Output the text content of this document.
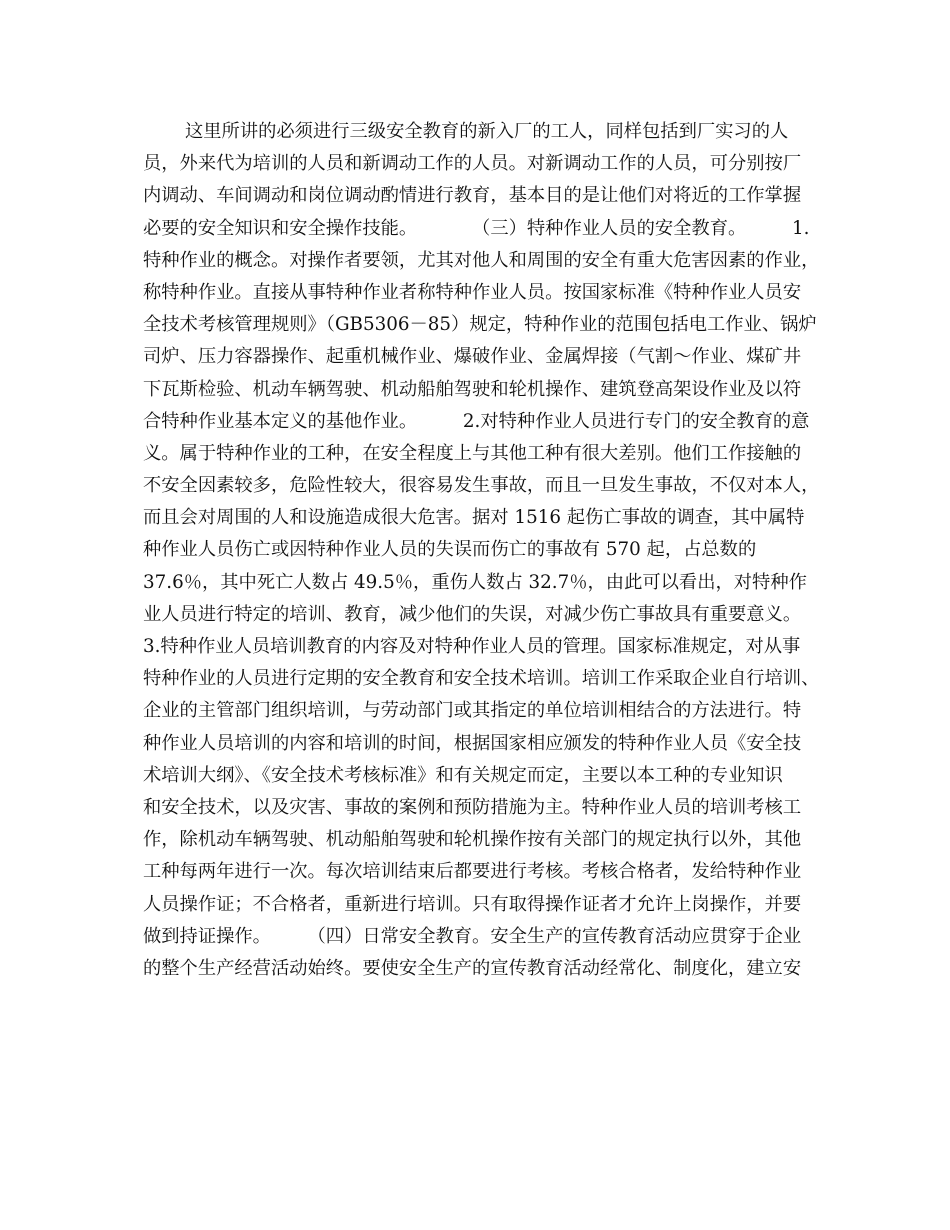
这里所讲的必须进行三级安全教育的新入厂的工人，同样包括到厂实习的人
员，外来代为培训的人员和新调动工作的人员。对新调动工作的人员，可分别按厂
内调动、车间调动和岗位调动酌情进行教育，基本目的是让他们对将近的工作掌握
必要的安全知识和安全操作技能。　　　　（三）特种作业人员的安全教育。　　　1.
特种作业的概念。对操作者要领，尤其对他人和周围的安全有重大危害因素的作业，
称特种作业。直接从事特种作业者称特种作业人员。按国家标准《特种作业人员安
全技术考核管理规则》（GB5306－85）规定，特种作业的范围包括电工作业、锅炉
司炉、压力容器操作、起重机械作业、爆破作业、金属焊接（气割～作业、煤矿井
下瓦斯检验、机动车辆驾驶、机动船舶驾驶和轮机操作、建筑登高架设作业及以符
合特种作业基本定义的基他作业。　　　2.对特种作业人员进行专门的安全教育的意
义。属于特种作业的工种，在安全程度上与其他工种有很大差别。他们工作接触的
不安全因素较多，危险性较大，很容易发生事故，而且一旦发生事故，不仅对本人，
而且会对周围的人和设施造成很大危害。据对 1516 起伤亡事故的调查，其中属特
种作业人员伤亡或因特种作业人员的失误而伤亡的事故有 570 起，占总数的
37.6％，其中死亡人数占 49.5％，重伤人数占 32.7％，由此可以看出，对特种作
业人员进行特定的培训、教育，减少他们的失误，对减少伤亡事故具有重要意义。
3.特种作业人员培训教育的内容及对特种作业人员的管理。国家标准规定，对从事
特种作业的人员进行定期的安全教育和安全技术培训。培训工作采取企业自行培训、
企业的主管部门组织培训，与劳动部门或其指定的单位培训相结合的方法进行。特
种作业人员培训的内容和培训的时间，根据国家相应颁发的特种作业人员《安全技
术培训大纲》、《安全技术考核标准》和有关规定而定，主要以本工种的专业知识
和安全技术，以及灾害、事故的案例和预防措施为主。特种作业人员的培训考核工
作，除机动车辆驾驶、机动船舶驾驶和轮机操作按有关部门的规定执行以外，其他
工种每两年进行一次。每次培训结束后都要进行考核。考核合格者，发给特种作业
人员操作证；不合格者，重新进行培训。只有取得操作证者才允许上岗操作，并要
做到持证操作。　　　（四）日常安全教育。安全生产的宣传教育活动应贯穿于企业
的整个生产经营活动始终。要使安全生产的宣传教育活动经常化、制度化，建立安
